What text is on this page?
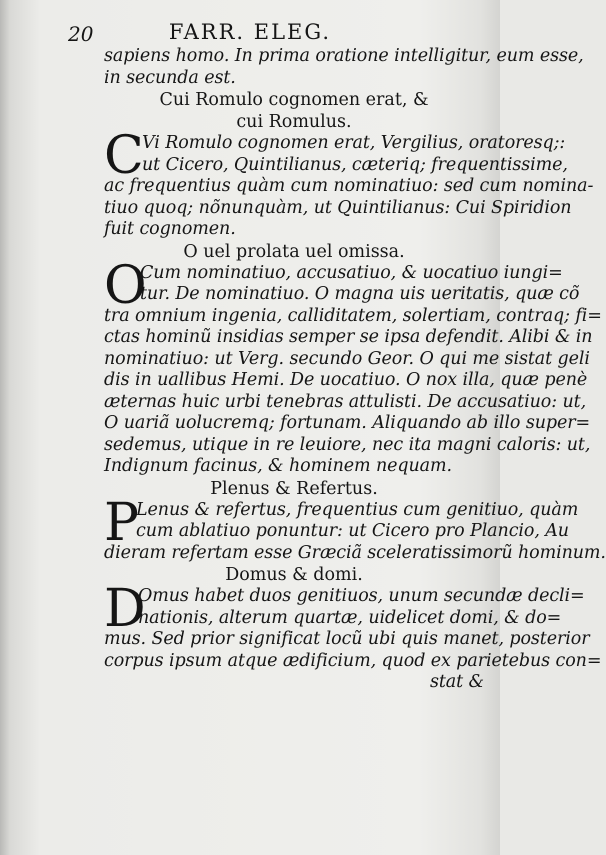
20	FARR. ELEG.
sapiens homo. In prima oratione intelligitur, eum esse,
in secunda est.
Cui Romulo cognomen erat, &
cui Romulus.
C
Vi Romulo cognomen erat, Vergilius, oratoresq;:
ut Cicero, Quintilianus, cæteriq; frequentissime,
ac frequentius quàm cum nominatiuo: sed cum nomina-
tiuo quoq; nõnunquàm, ut Quintilianus: Cui Spiridion
fuit cognomen.
O uel prolata uel omissa.
O
Cum nominatiuo, accusatiuo, & uocatiuo iungi=
tur. De nominatiuo. O magna uis ueritatis, quæ cõ
tra omnium ingenia, calliditatem, solertiam, contraq; fi=
ctas hominũ insidias semper se ipsa defendit. Alibi & in
nominatiuo: ut Verg. secundo Geor. O qui me sistat geli
dis in uallibus Hemi. De uocatiuo. O nox illa, quæ penè
æternas huic urbi tenebras attulisti. De accusatiuo: ut,
O uariã uolucremq; fortunam. Aliquando ab illo super=
sedemus, utique in re leuiore, nec ita magni caloris: ut,
Indignum facinus, & hominem nequam.
Plenus & Refertus.
P
Lenus & refertus, frequentius cum genitiuo, quàm
cum ablatiuo ponuntur: ut Cicero pro Plancio, Au
dieram refertam esse Græciã sceleratissimorũ hominum.
Domus & domi.
D
Omus habet duos genitiuos, unum secundæ decli=
nationis, alterum quartæ, uidelicet domi, & do=
mus. Sed prior significat locũ ubi quis manet, posterior
corpus ipsum atque ædificium, quod ex parietebus con=
stat &
